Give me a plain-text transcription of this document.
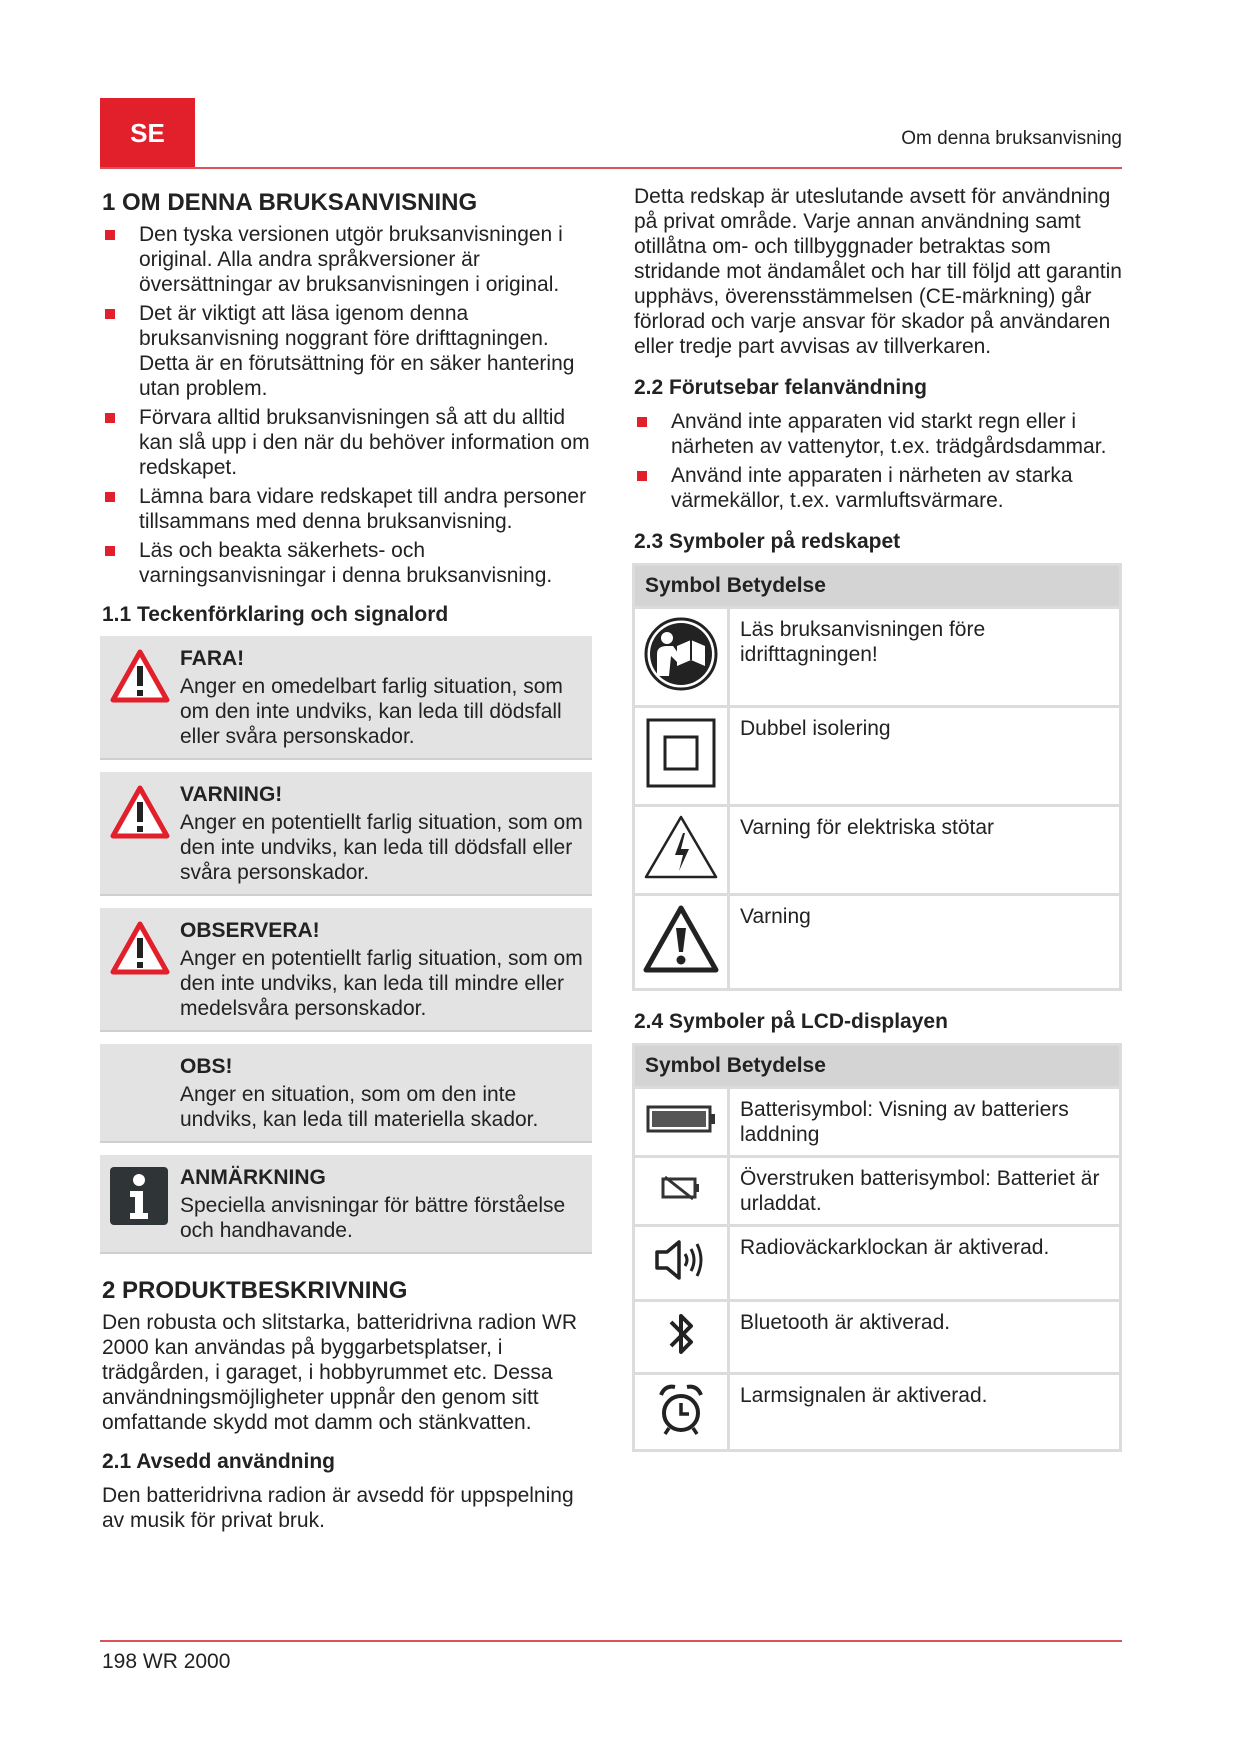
SE	Om denna bruksanvisning
1 OM DENNA BRUKSANVISNING
Den tyska versionen utgör bruksanvisningen i original. Alla andra språkversioner är översättningar av bruksanvisningen i original.
Det är viktigt att läsa igenom denna bruksanvisning noggrant före drifttagningen. Detta är en förutsättning för en säker hantering utan problem.
Förvara alltid bruksanvisningen så att du alltid kan slå upp i den när du behöver information om redskapet.
Lämna bara vidare redskapet till andra personer tillsammans med denna bruksanvisning.
Läs och beakta säkerhets- och varningsanvisningar i denna bruksanvisning.
1.1 Teckenförklaring och signalord
FARA!
Anger en omedelbart farlig situation, som om den inte undviks, kan leda till dödsfall eller svåra personskador.
VARNING!
Anger en potentiellt farlig situation, som om den inte undviks, kan leda till dödsfall eller svåra personskador.
OBSERVERA!
Anger en potentiellt farlig situation, som om den inte undviks, kan leda till mindre eller medelsvåra personskador.
OBS!
Anger en situation, som om den inte undviks, kan leda till materiella skador.
ANMÄRKNING
Speciella anvisningar för bättre förståelse och handhavande.
2 PRODUKTBESKRIVNING

Den robusta och slitstarka, batteridrivna radion WR 2000 kan användas på byggarbetsplatser, i trädgården, i garaget, i hobbyrummet etc. Dessa användningsmöjligheter uppnår den genom sitt omfattande skydd mot damm och stänkvatten.

2.1 Avsedd användning

Den batteridrivna radion är avsedd för uppspelning av musik för privat bruk.

Detta redskap är uteslutande avsett för användning på privat område. Varje annan användning samt otillåtna om- och tillbyggnader betraktas som stridande mot ändamålet och har till följd att garantin upphävs, överensstämmelsen (CE-märkning) går förlorad och varje ansvar för skador på användaren eller tredje part avvisas av tillverkaren.

2.2 Förutsebar felanvändning
Använd inte apparaten vid starkt regn eller i närheten av vattenytor, t.ex. trädgårdsdammar.
Använd inte apparaten i närheten av starka värmekällor, t.ex. varmluftsvärmare.
2.3 Symboler på redskapet
Symbol Betydelse	
	Läs bruksanvisningen före idrifttagningen!
	Dubbel isolering
	Varning för elektriska stötar
	Varning
2.4 Symboler på LCD-displayen
Symbol Betydelse	
	Batterisymbol: Visning av batteriers laddning
	Överstruken batterisymbol: Batteriet är urladdat.
	Radioväckarklockan är aktiverad.
	Bluetooth är aktiverad.
	Larmsignalen är aktiverad.
198 WR 2000
